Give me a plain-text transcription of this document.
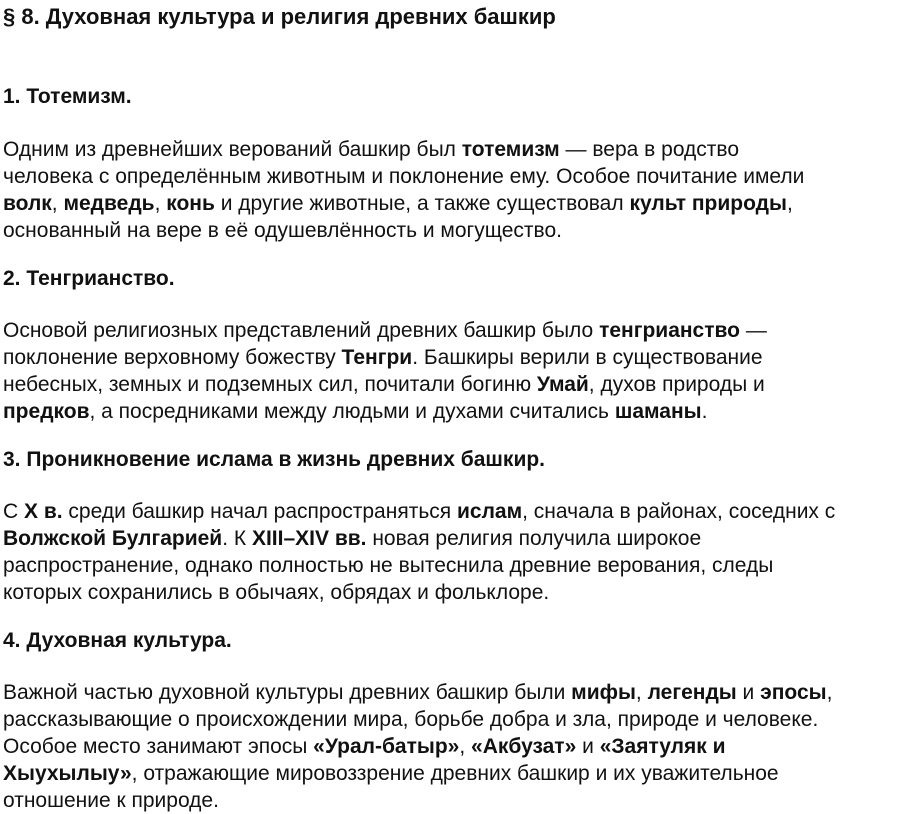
§ 8. Духовная культура и религия древних башкир
1. Тотемизм.

Одним из древнейших верований башкир был тотемизм — вера в родство
человека с определённым животным и поклонение ему. Особое почитание имели
волк, медведь, конь и другие животные, а также существовал культ природы,
основанный на вере в её одушевлённость и могущество.

2. Тенгрианство.

Основой религиозных представлений древних башкир было тенгрианство —
поклонение верховному божеству Тенгри. Башкиры верили в существование
небесных, земных и подземных сил, почитали богиню Умай, духов природы и
предков, а посредниками между людьми и духами считались шаманы.

3. Проникновение ислама в жизнь древних башкир.

С X в. среди башкир начал распространяться ислам, сначала в районах, соседних с
Волжской Булгарией. К XIII–XIV вв. новая религия получила широкое
распространение, однако полностью не вытеснила древние верования, следы
которых сохранились в обычаях, обрядах и фольклоре.

4. Духовная культура.

Важной частью духовной культуры древних башкир были мифы, легенды и эпосы,
рассказывающие о происхождении мира, борьбе добра и зла, природе и человеке.
Особое место занимают эпосы «Урал-батыр», «Акбузат» и «Заятуляк и
Хыухылыу», отражающие мировоззрение древних башкир и их уважительное
отношение к природе.
